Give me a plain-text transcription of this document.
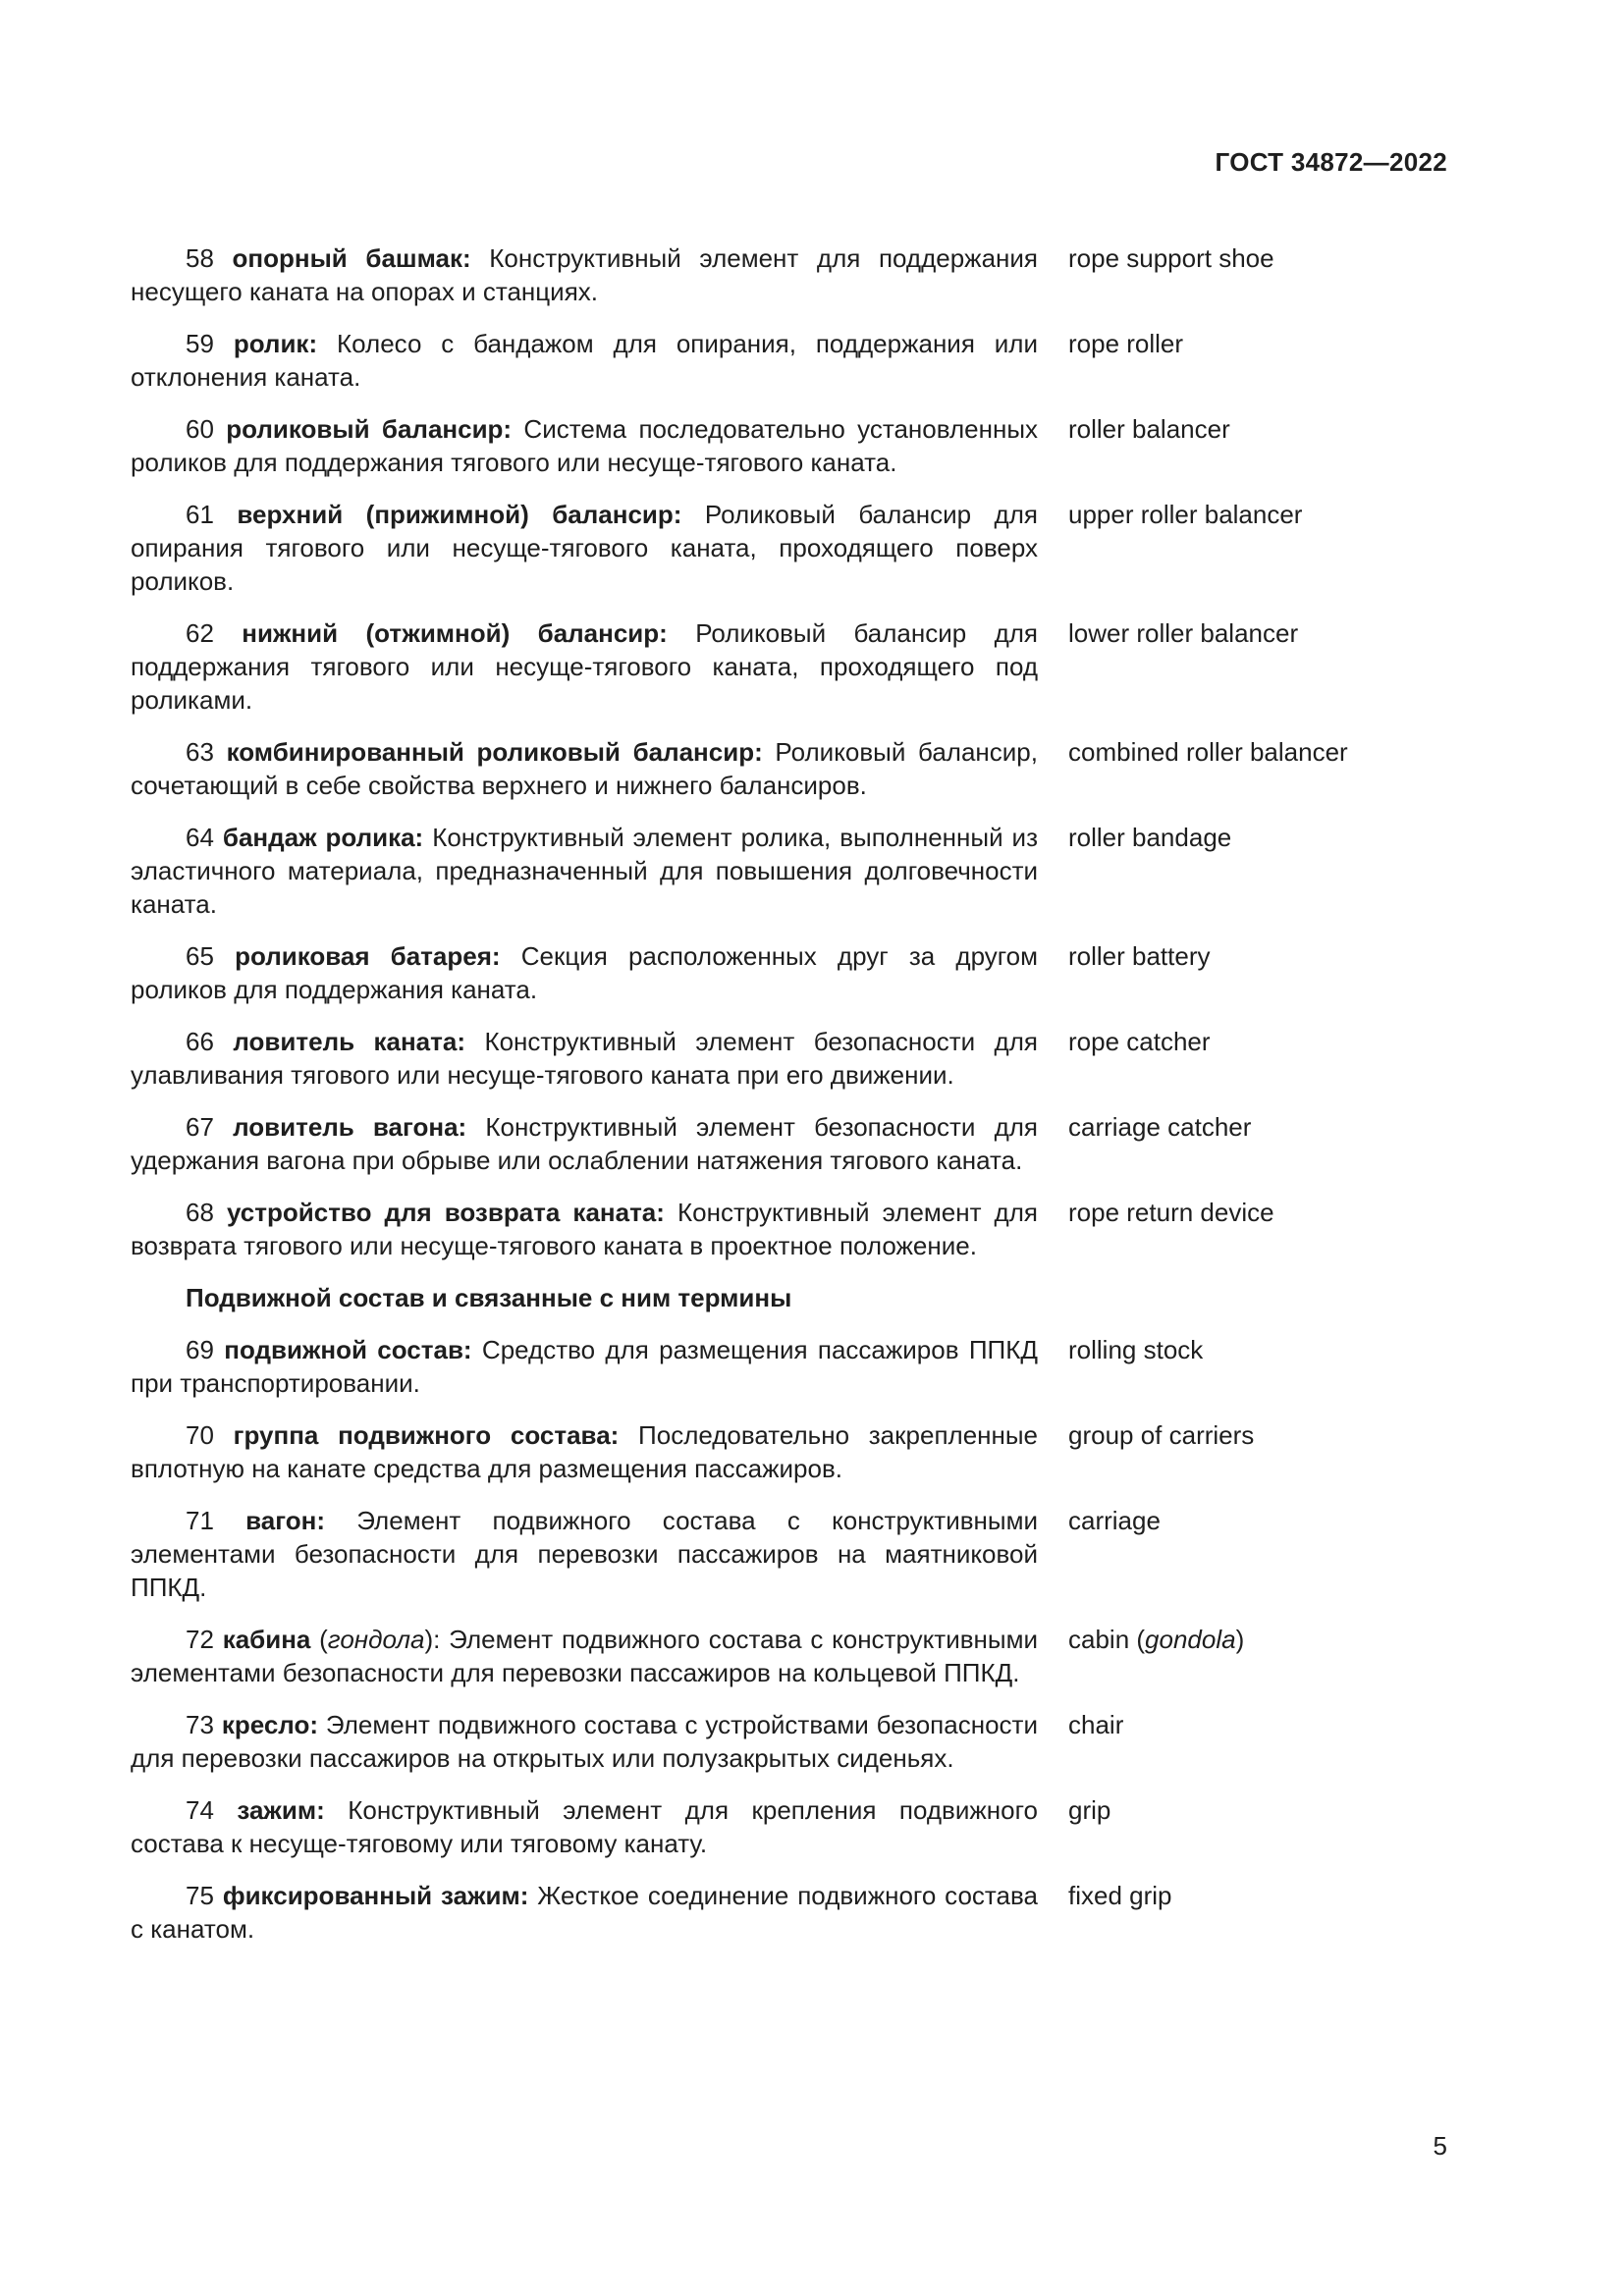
ГОСТ 34872—2022

58 опорный башмак: Конструктивный элемент для поддержания несущего каната на опорах и станциях.

rope support shoe

59 ролик: Колесо с бандажом для опирания, поддержания или отклонения каната.

rope roller

60 роликовый балансир: Система последовательно установленных роликов для поддержания тягового или несуще-тягового каната.

roller balancer

61 верхний (прижимной) балансир: Роликовый балансир для опирания тягового или несуще-тягового каната, проходящего поверх роликов.

upper roller balancer

62 нижний (отжимной) балансир: Роликовый балансир для поддержания тягового или несуще-тягового каната, проходящего под роликами.

lower roller balancer

63 комбинированный роликовый балансир: Роликовый балансир, сочетающий в себе свойства верхнего и нижнего балансиров.

combined roller balancer

64 бандаж ролика: Конструктивный элемент ролика, выполненный из эластичного материала, предназначенный для повышения долговечности каната.

roller bandage

65 роликовая батарея: Секция расположенных друг за другом роликов для поддержания каната.

roller battery

66 ловитель каната: Конструктивный элемент безопасности для улавливания тягового или несуще-тягового каната при его движении.

rope catcher

67 ловитель вагона: Конструктивный элемент безопасности для удержания вагона при обрыве или ослаблении натяжения тягового каната.

carriage catcher

68 устройство для возврата каната: Конструктивный элемент для возврата тягового или несуще-тягового каната в проектное положение.

rope return device
Подвижной состав и связанные с ним термины

69 подвижной состав: Средство для размещения пассажиров ППКД при транспортировании.

rolling stock

70 группа подвижного состава: Последовательно закрепленные вплотную на канате средства для размещения пассажиров.

group of carriers

71 вагон: Элемент подвижного состава с конструктивными элементами безопасности для перевозки пассажиров на маятниковой ППКД.

carriage

72 кабина (гондола): Элемент подвижного состава с конструктивными элементами безопасности для перевозки пассажиров на кольцевой ППКД.

cabin (gondola)

73 кресло: Элемент подвижного состава с устройствами безопасности для перевозки пассажиров на открытых или полузакрытых сиденьях.

chair

74 зажим: Конструктивный элемент для крепления подвижного состава к несуще-тяговому или тяговому канату.

grip

75 фиксированный зажим: Жесткое соединение подвижного состава с канатом.

fixed grip
5
